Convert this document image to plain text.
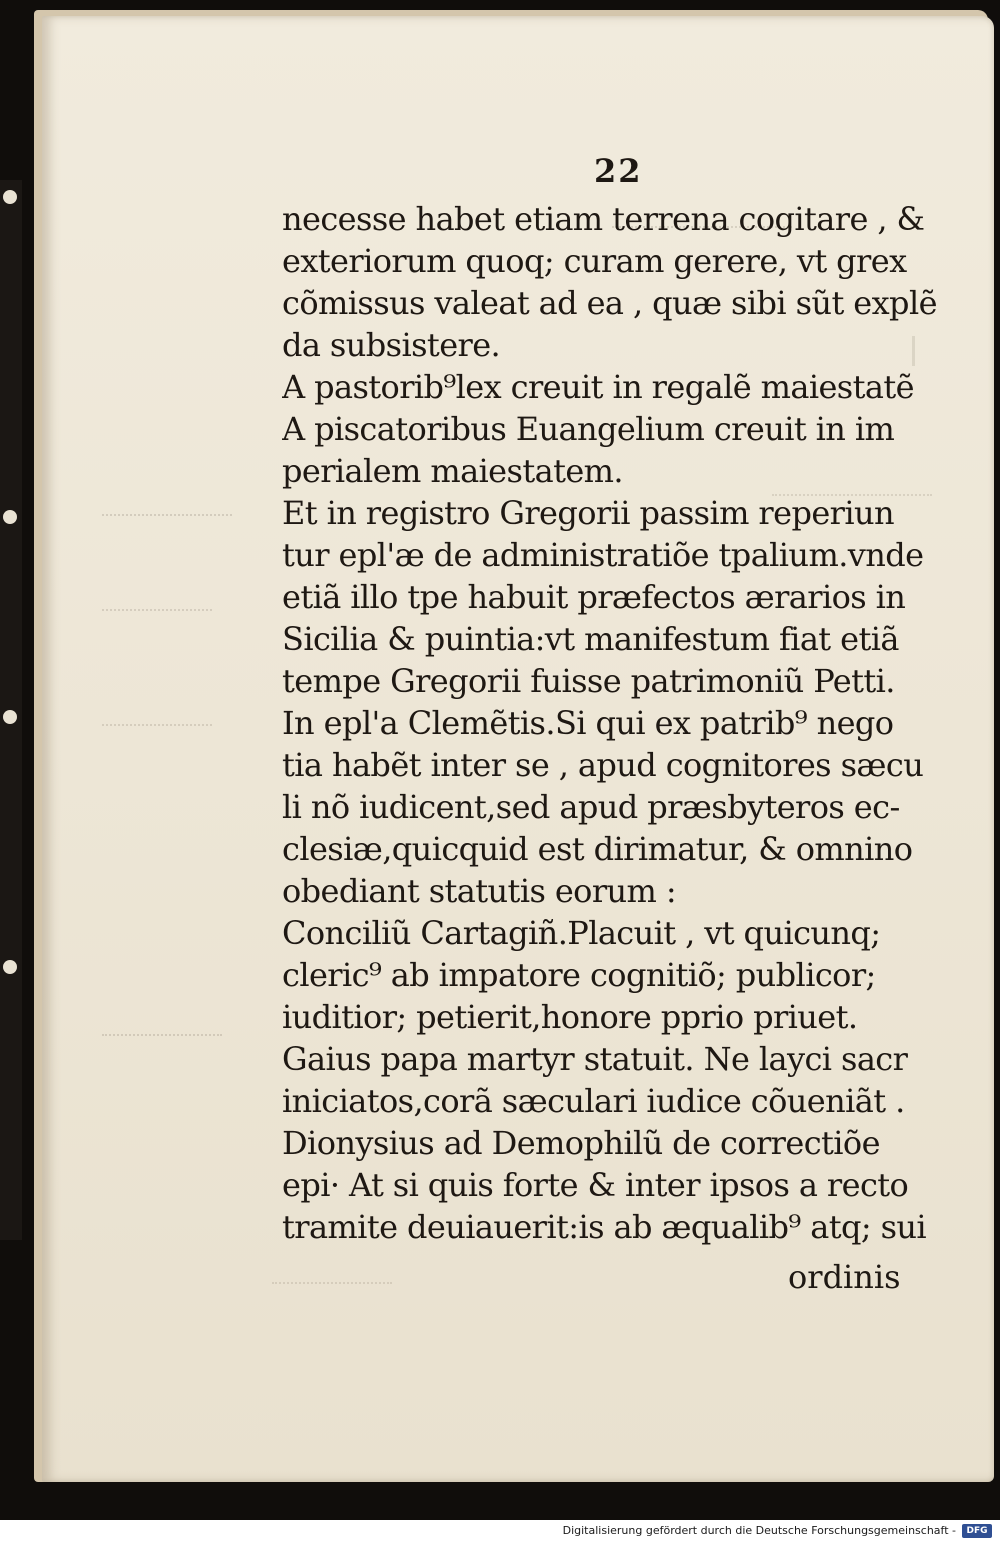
22
necesse habet etiam terrena cogitare , &
exteriorum quoq; curam gerere, vt grex
cõmissus valeat ad ea , quæ sibi sũt explẽ
da subsistere.
A pastorib⁹lex creuit in regalẽ maiestatẽ
A piscatoribus Euangelium creuit in im
perialem maiestatem.
Et in registro Gregorii passim reperiun
tur epl'æ de administratiõe tpalium.vnde
etiã illo tpe habuit præfectos ærarios in
Sicilia & puintia:vt manifestum fiat etiã
tempe Gregorii fuisse patrimoniũ Petti.
In epl'a Clemẽtis.Si qui ex patrib⁹ nego
tia habẽt inter se , apud cognitores sæcu
li nõ iudicent,sed apud præsbyteros ec-
clesiæ,quicquid est dirimatur, & omnino
obediant statutis eorum :
Conciliũ Cartagiñ.Placuit , vt quicunq;
cleric⁹ ab impatore cognitiõ; publicor;
iuditior; petierit,honore pprio priuet.
Gaius papa martyr statuit. Ne layci sacr
iniciatos,corã sæculari iudice cõueniãt .
Dionysius ad Demophilũ de correctiõe
epi· At si quis forte & inter ipsos a recto
tramite deuiauerit:is ab æqualib⁹ atq; sui
ordinis
Digitalisierung gefördert durch die Deutsche Forschungsgemeinschaft -	DFG
